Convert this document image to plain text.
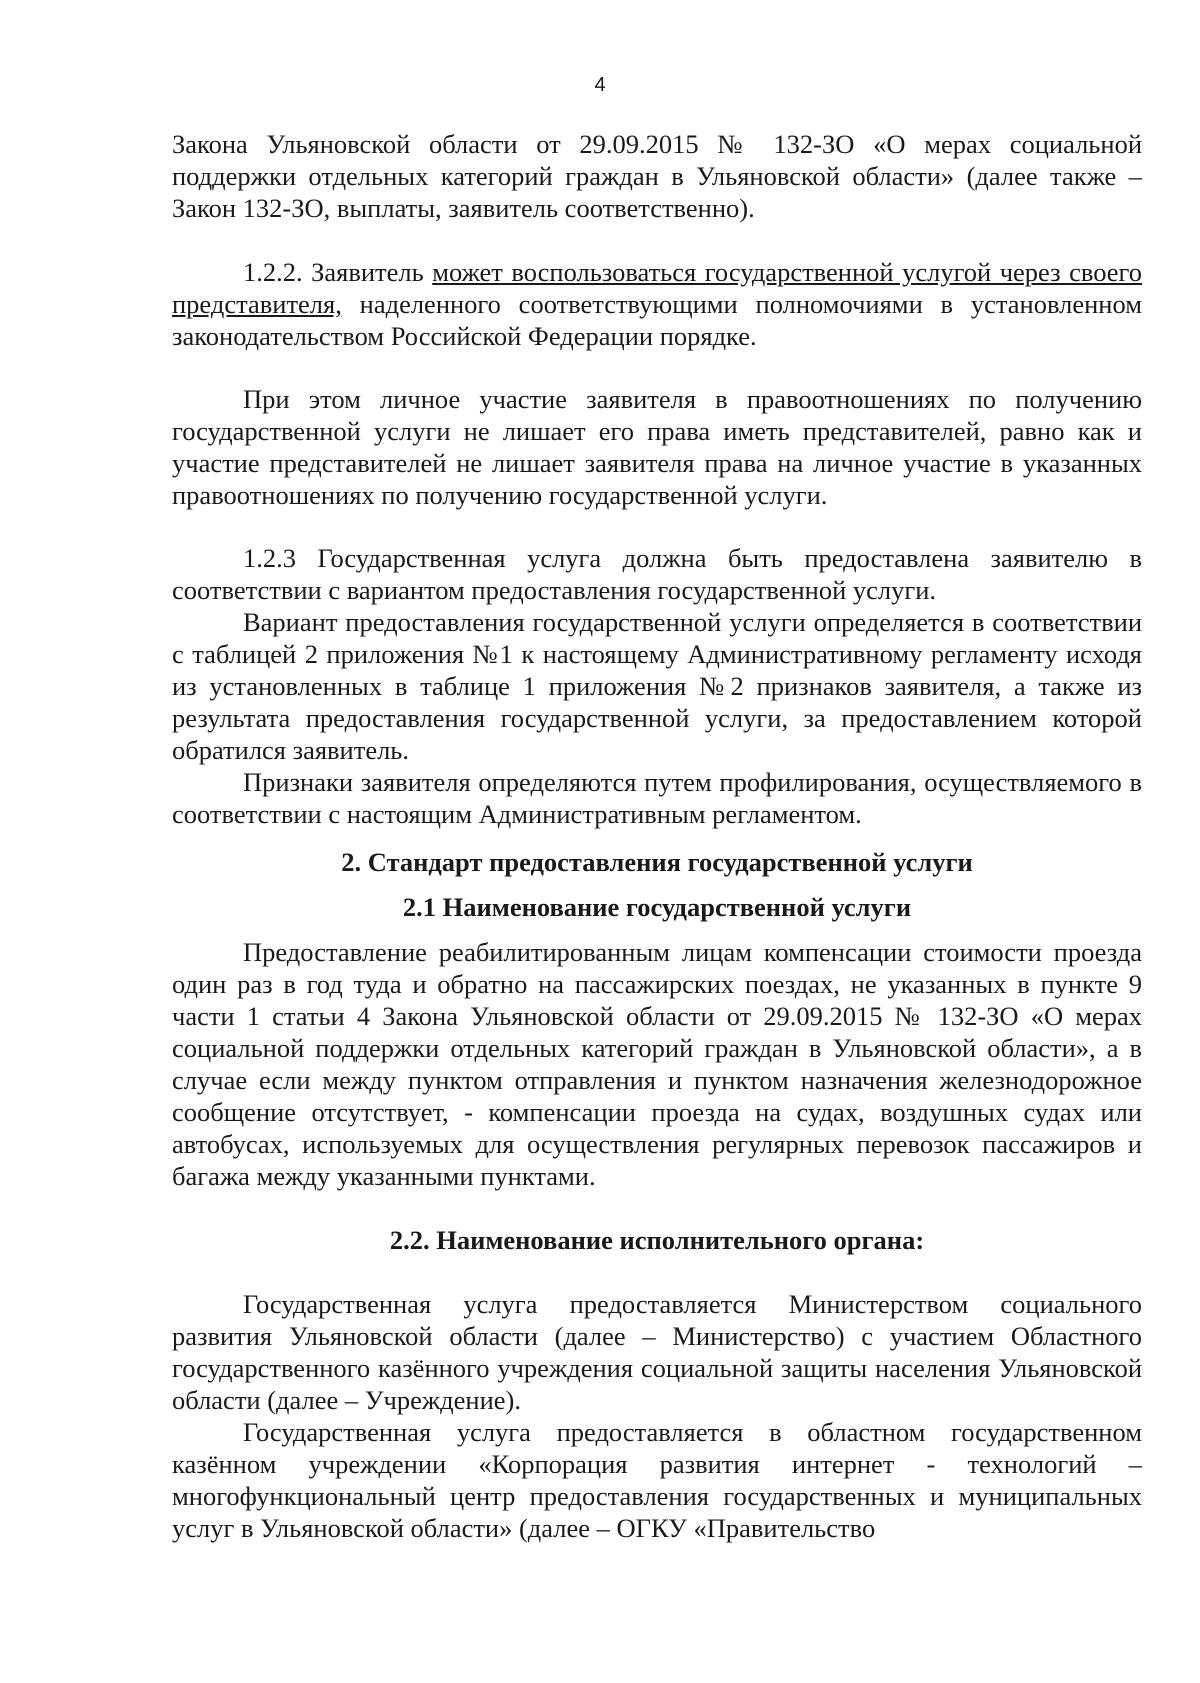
4

Закона Ульяновской области от 29.09.2015 № 132-ЗО «О мерах социальной поддержки отдельных категорий граждан в Ульяновской области» (далее также – Закон 132-ЗО, выплаты, заявитель соответственно).

1.2.2. Заявитель может воспользоваться государственной услугой через своего представителя, наделенного соответствующими полномочиями в установленном законодательством Российской Федерации порядке.

При этом личное участие заявителя в правоотношениях по получению государственной услуги не лишает его права иметь представителей, равно как и участие представителей не лишает заявителя права на личное участие в указанных правоотношениях по получению государственной услуги.

1.2.3 Государственная услуга должна быть предоставлена заявителю в соответствии с вариантом предоставления государственной услуги.

Вариант предоставления государственной услуги определяется в соответствии с таблицей 2 приложения №1 к настоящему Административному регламенту исходя из установленных в таблице 1 приложения №2 признаков заявителя, а также из результата предоставления государственной услуги, за предоставлением которой обратился заявитель.

Признаки заявителя определяются путем профилирования, осуществляемого в соответствии с настоящим Административным регламентом.

2. Стандарт предоставления государственной услуги
2.1 Наименование государственной услуги

Предоставление реабилитированным лицам компенсации стоимости проезда один раз в год туда и обратно на пассажирских поездах, не указанных в пункте 9 части 1 статьи 4 Закона Ульяновской области от 29.09.2015 № 132-ЗО «О мерах социальной поддержки отдельных категорий граждан в Ульяновской области», а в случае если между пунктом отправления и пунктом назначения железнодорожное сообщение отсутствует, - компенсации проезда на судах, воздушных судах или автобусах, используемых для осуществления регулярных перевозок пассажиров и багажа между указанными пунктами.

2.2. Наименование исполнительного органа:

Государственная услуга предоставляется Министерством социального развития Ульяновской области (далее – Министерство) с участием Областного государственного казённого учреждения социальной защиты населения Ульяновской области (далее – Учреждение).

Государственная услуга предоставляется в областном государственном казённом учреждении «Корпорация развития интернет - технологий – многофункциональный центр предоставления государственных и муниципальных услуг в Ульяновской области» (далее – ОГКУ «Правительство
